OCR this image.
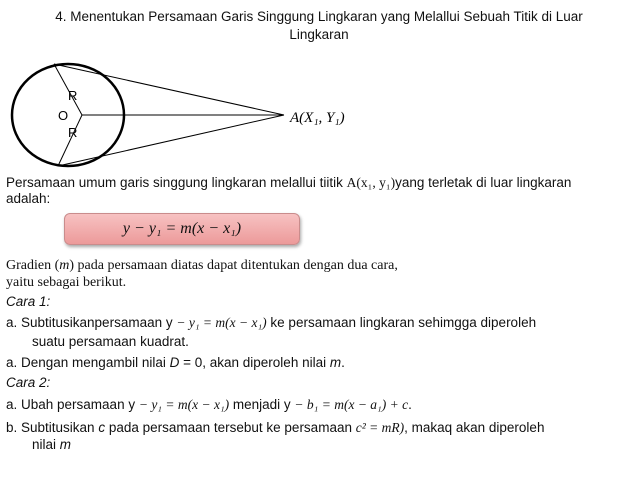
4. Menentukan Persamaan Garis Singgung Lingkaran yang Melallui Sebuah Titik di Luar
Lingkaran
O
R
R
A(X₁, Y₁)
Persamaan umum garis singgung lingkaran melallui tiitik A(x₁, y₁)yang terletak di luar lingkaran
adalah:
y − y₁ = m(x − x₁)
Gradien (m) pada persamaan diatas dapat ditentukan dengan dua cara,
yaitu sebagai berikut.
Cara 1:
a. Subtitusikanpersamaan y − y₁ = m(x − x₁) ke persamaan lingkaran sehimgga diperoleh
suatu persamaan kuadrat.
a. Dengan mengambil nilai D = 0, akan diperoleh nilai m.
Cara 2:
a. Ubah persamaan y − y₁ = m(x − x₁) menjadi y − b₁ = m(x − a₁) + c.
b. Subtitusikan c pada persamaan tersebut ke persamaan c² = mR), makaq akan diperoleh
nilai m
